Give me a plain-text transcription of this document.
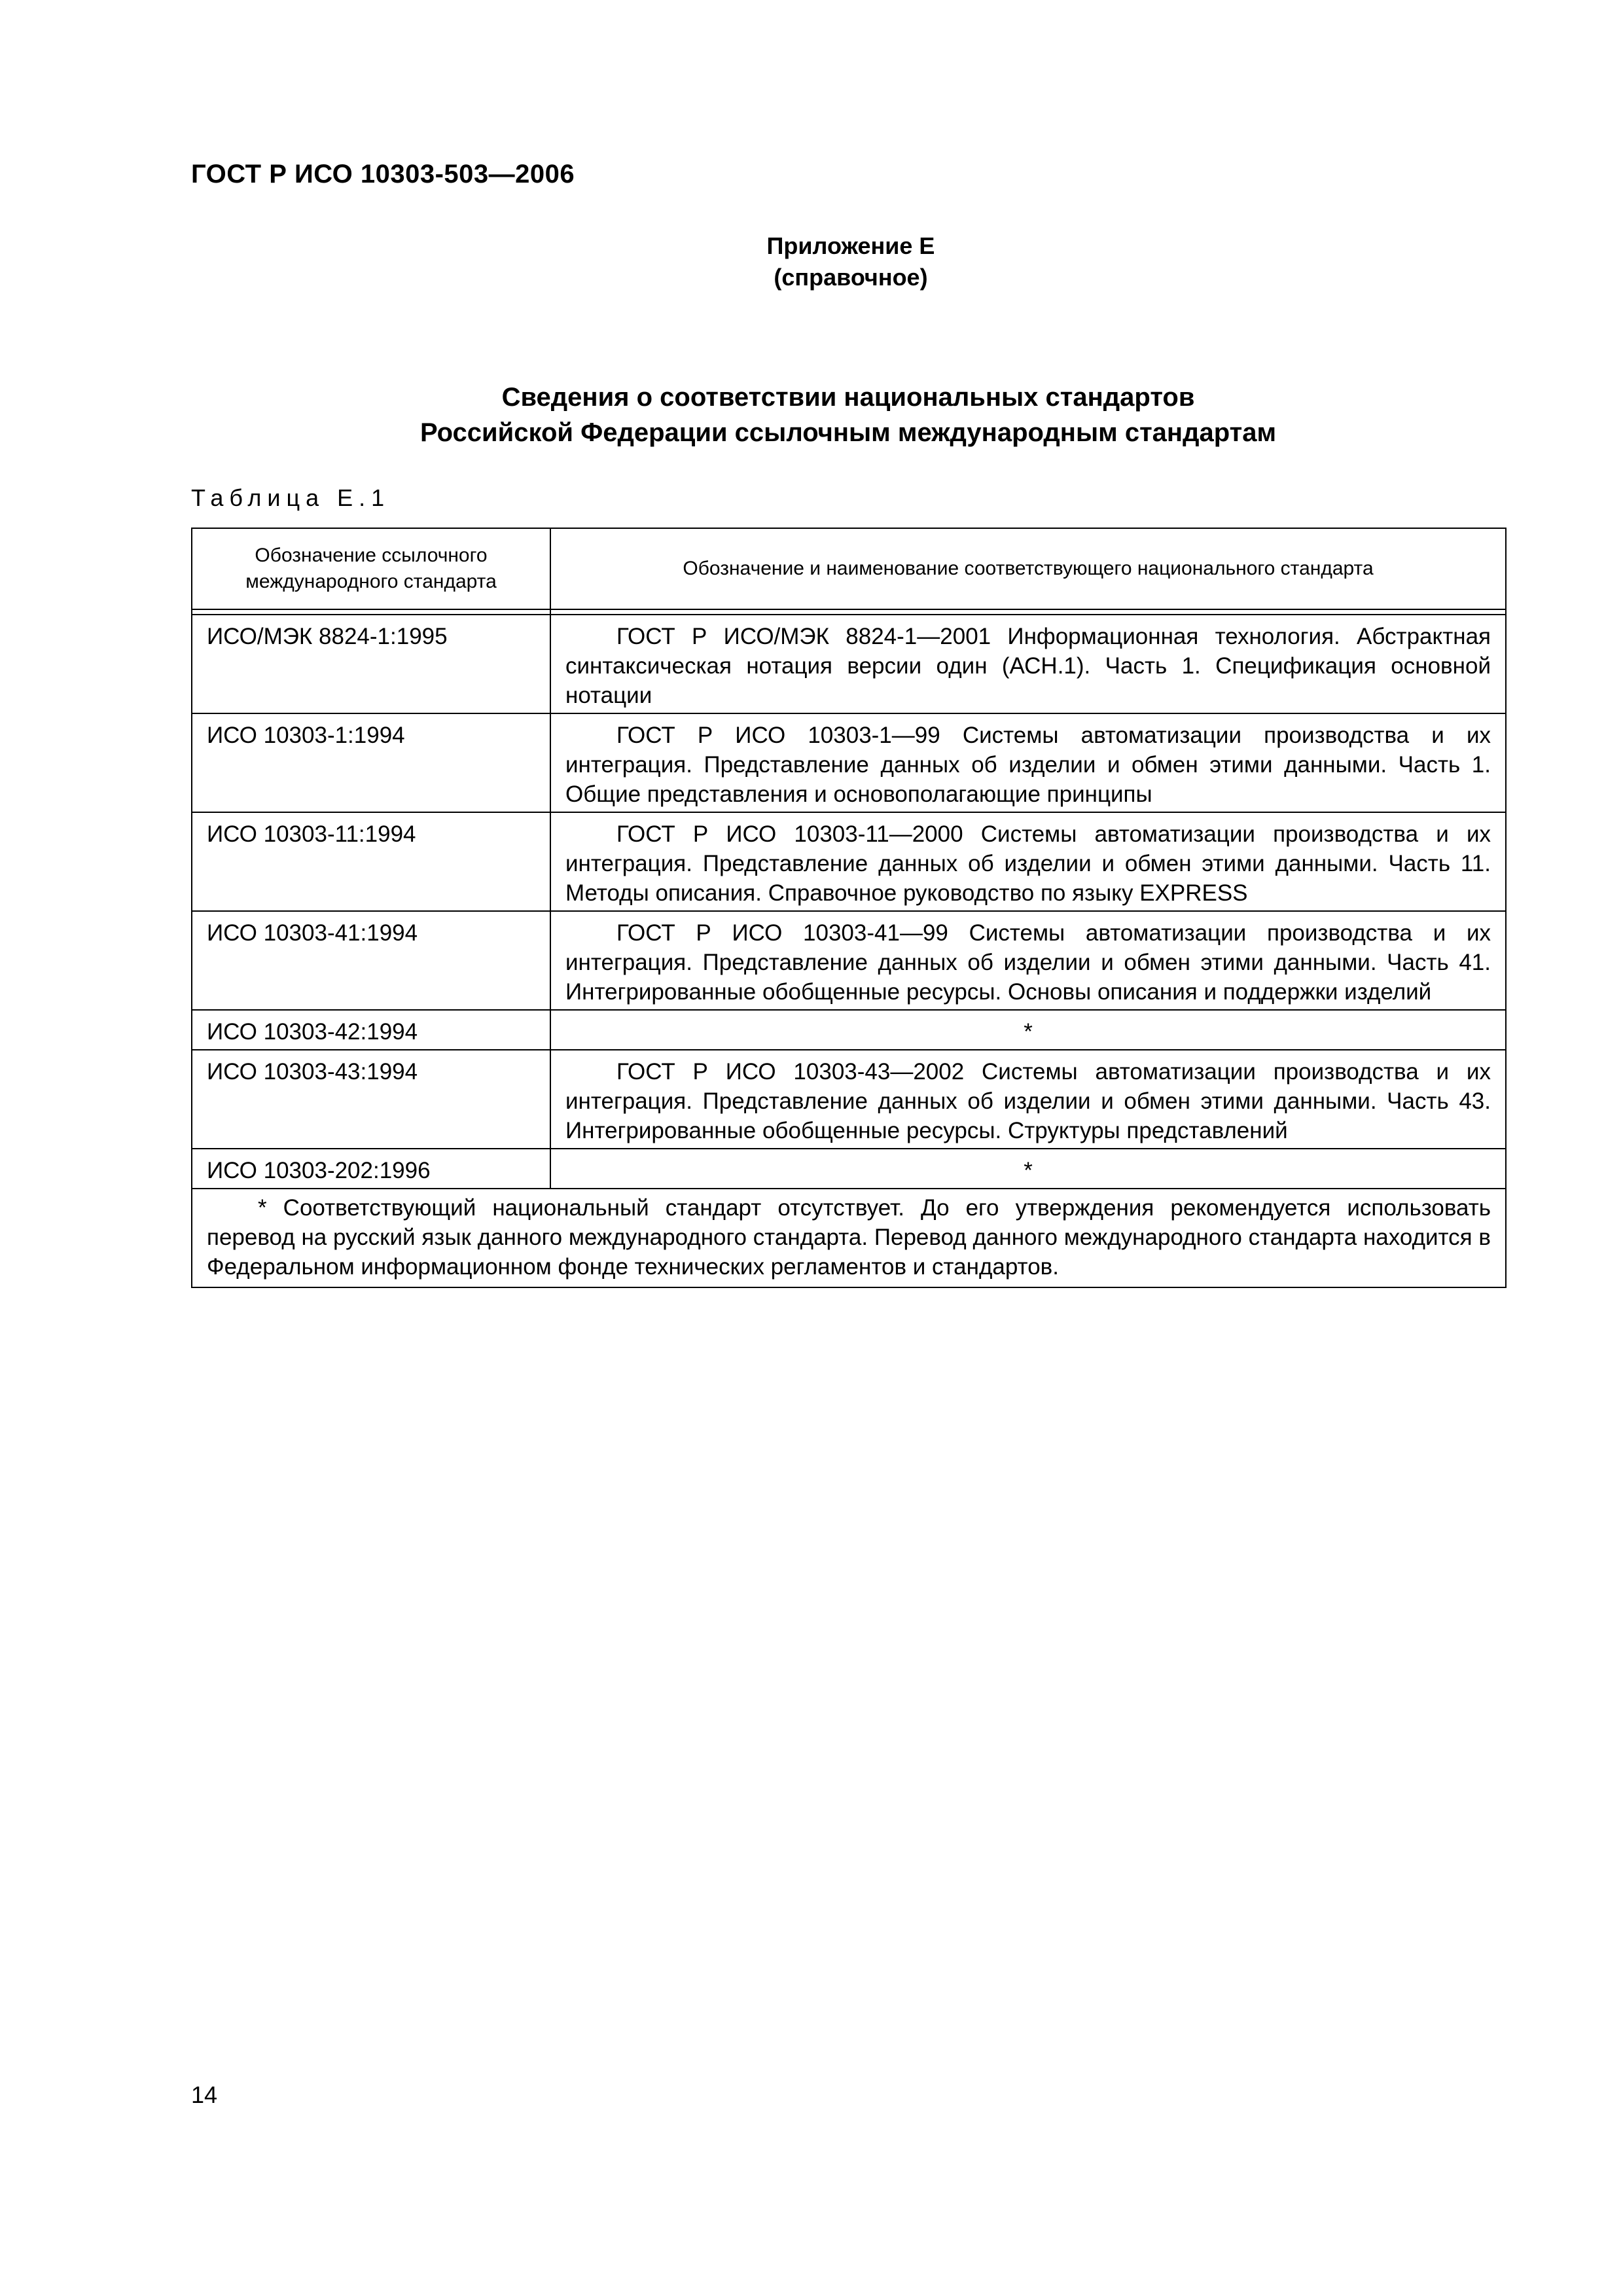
ГОСТ Р ИСО 10303-503—2006
Приложение Е
(справочное)
Сведения о соответствии национальных стандартов
Российской Федерации ссылочным международным стандартам
Таблица Е.1
Обозначение ссылочного международного стандарта	Обозначение и наименование соответствующего национального стандарта

ИСО/МЭК 8824-1:1995	ГОСТ Р ИСО/МЭК 8824-1—2001 Информационная технология. Абстрактная синтаксическая нотация версии один (АСН.1). Часть 1. Спецификация основной нотации
ИСО 10303-1:1994	ГОСТ Р ИСО 10303-1—99 Системы автоматизации производства и их интеграция. Представление данных об изделии и обмен этими данными. Часть 1. Общие представления и основополагающие принципы
ИСО 10303-11:1994	ГОСТ Р ИСО 10303-11—2000 Системы автоматизации производства и их интеграция. Представление данных об изделии и обмен этими данными. Часть 11. Методы описания. Справочное руководство по языку EXPRESS
ИСО 10303-41:1994	ГОСТ Р ИСО 10303-41—99 Системы автоматизации производства и их интеграция. Представление данных об изделии и обмен этими данными. Часть 41. Интегрированные обобщенные ресурсы. Основы описания и поддержки изделий
ИСО 10303-42:1994	*
ИСО 10303-43:1994	ГОСТ Р ИСО 10303-43—2002 Системы автоматизации производства и их интеграция. Представление данных об изделии и обмен этими данными. Часть 43. Интегрированные обобщенные ресурсы. Структуры представлений
ИСО 10303-202:1996	*
* Соответствующий национальный стандарт отсутствует. До его утверждения рекомендуется использовать перевод на русский язык данного международного стандарта. Перевод данного международного стандарта находится в Федеральном информационном фонде технических регламентов и стандартов.	
14
